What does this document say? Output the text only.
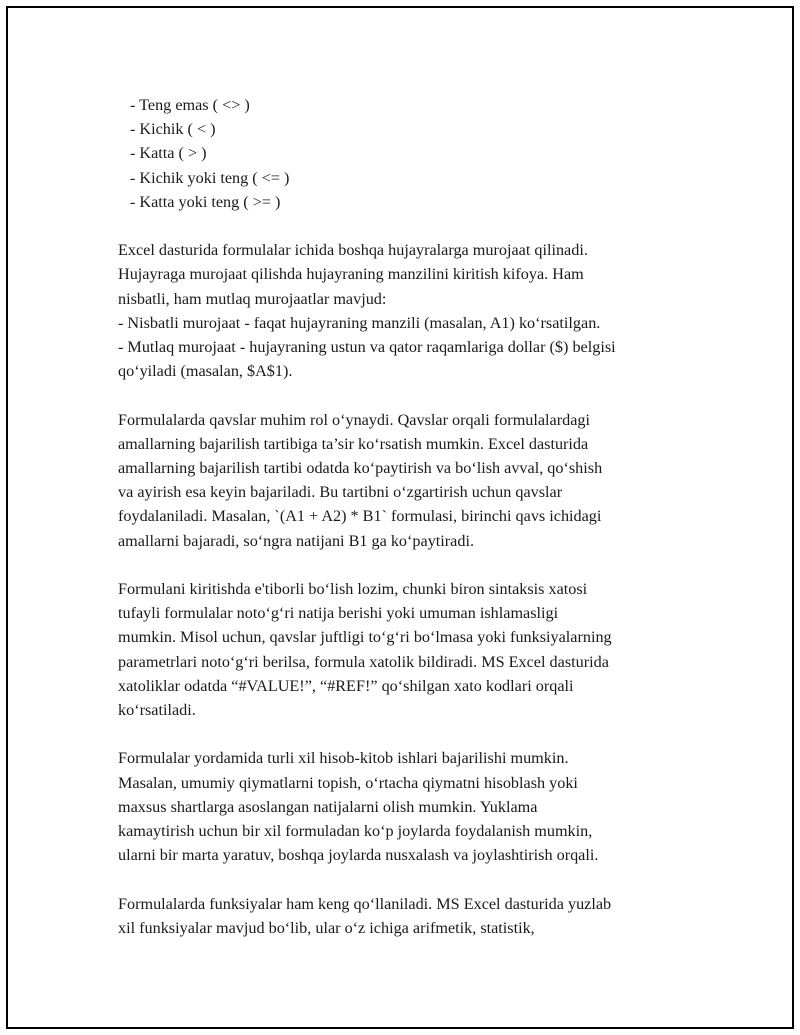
- Teng emas ( <> )
- Kichik ( < )
- Katta ( > )
- Kichik yoki teng ( <= )
- Katta yoki teng ( >= )
Excel dasturida formulalar ichida boshqa hujayralarga murojaat qilinadi.
Hujayraga murojaat qilishda hujayraning manzilini kiritish kifoya. Ham
nisbatli, ham mutlaq murojaatlar mavjud:
- Nisbatli murojaat - faqat hujayraning manzili (masalan, A1) ko‘rsatilgan.
- Mutlaq murojaat - hujayraning ustun va qator raqamlariga dollar ($) belgisi
qo‘yiladi (masalan, $A$1).
Formulalarda qavslar muhim rol o‘ynaydi. Qavslar orqali formulalardagi
amallarning bajarilish tartibiga ta’sir ko‘rsatish mumkin. Excel dasturida
amallarning bajarilish tartibi odatda ko‘paytirish va bo‘lish avval, qo‘shish
va ayirish esa keyin bajariladi. Bu tartibni o‘zgartirish uchun qavslar
foydalaniladi. Masalan, `(A1 + A2) * B1` formulasi, birinchi qavs ichidagi
amallarni bajaradi, so‘ngra natijani B1 ga ko‘paytiradi.
Formulani kiritishda e'tiborli bo‘lish lozim, chunki biron sintaksis xatosi
tufayli formulalar noto‘g‘ri natija berishi yoki umuman ishlamasligi
mumkin. Misol uchun, qavslar juftligi to‘g‘ri bo‘lmasa yoki funksiyalarning
parametrlari noto‘g‘ri berilsa, formula xatolik bildiradi. MS Excel dasturida
xatoliklar odatda “#VALUE!”, “#REF!” qo‘shilgan xato kodlari orqali
ko‘rsatiladi.
Formulalar yordamida turli xil hisob-kitob ishlari bajarilishi mumkin.
Masalan, umumiy qiymatlarni topish, o‘rtacha qiymatni hisoblash yoki
maxsus shartlarga asoslangan natijalarni olish mumkin. Yuklama
kamaytirish uchun bir xil formuladan ko‘p joylarda foydalanish mumkin,
ularni bir marta yaratuv, boshqa joylarda nusxalash va joylashtirish orqali.
Formulalarda funksiyalar ham keng qo‘llaniladi. MS Excel dasturida yuzlab
xil funksiyalar mavjud bo‘lib, ular o‘z ichiga arifmetik, statistik,
